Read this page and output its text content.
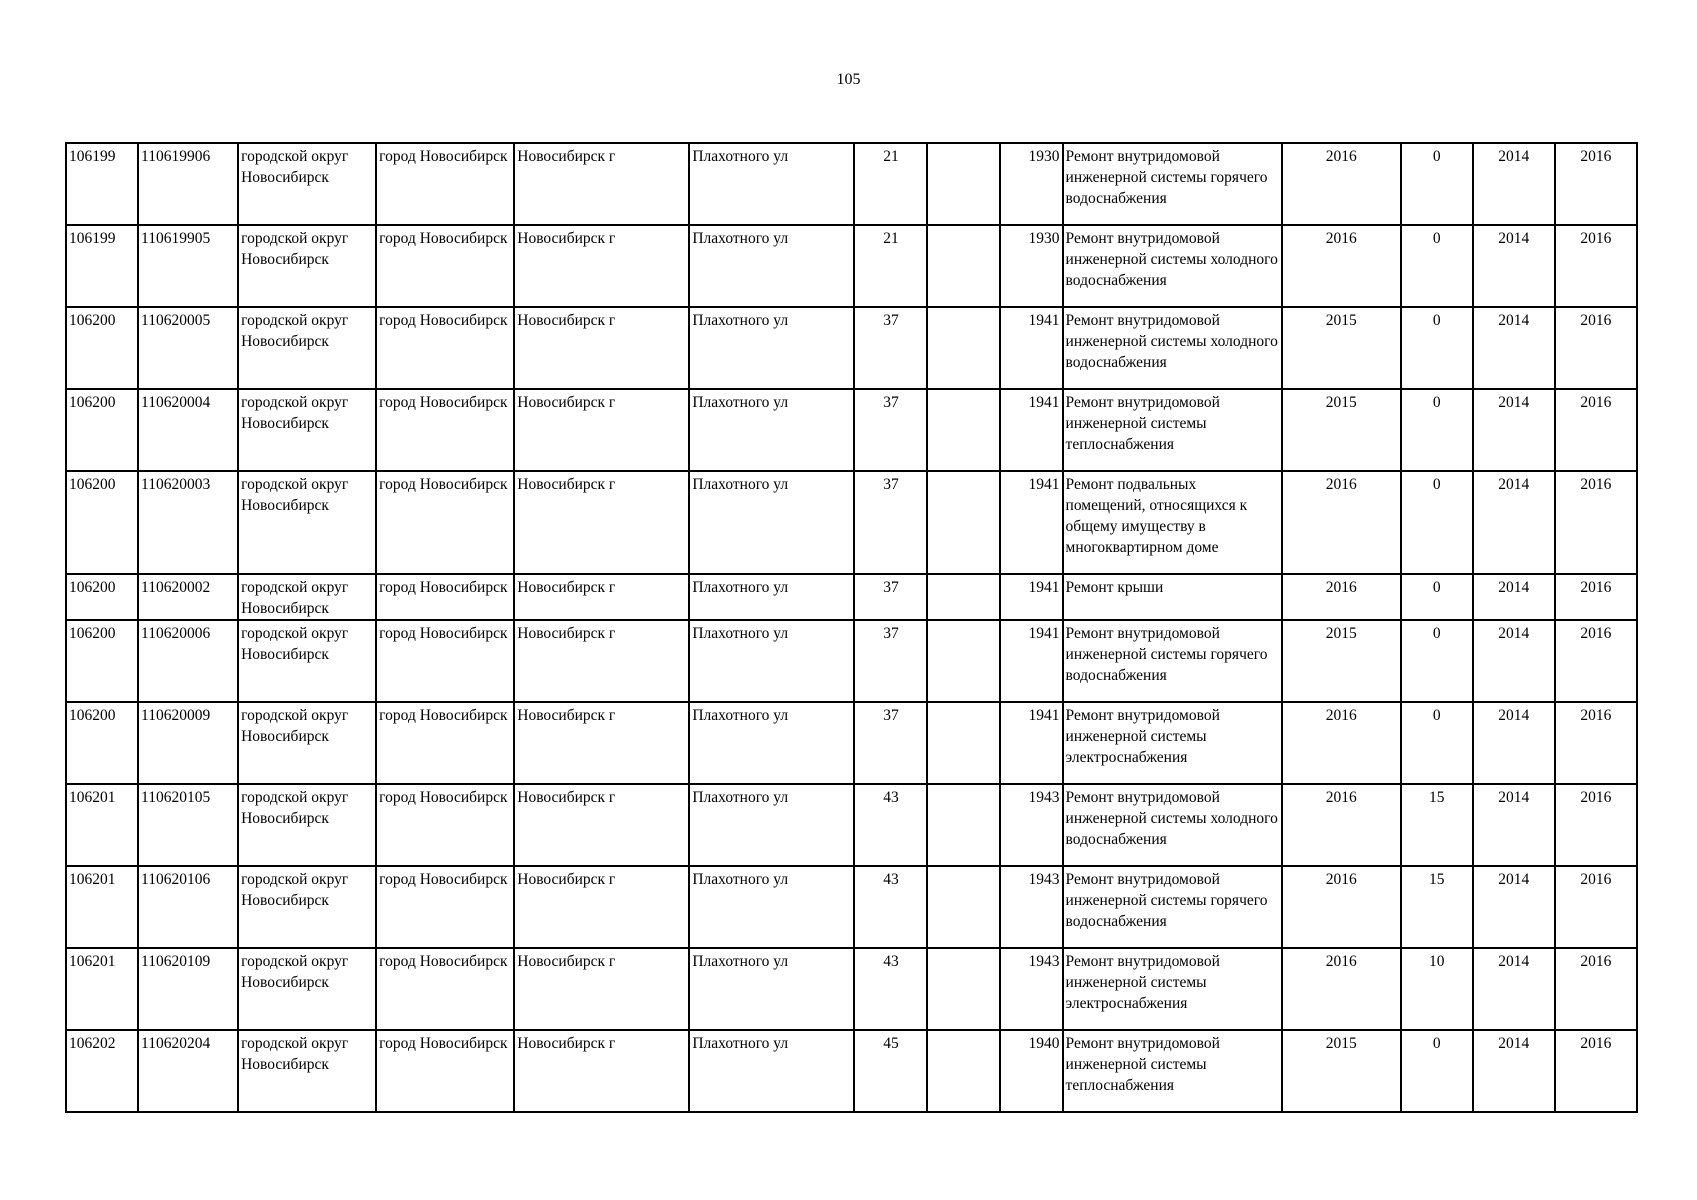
105
106199	110619906	городской округ Новосибирск	город Новосибирск	Новосибирск г	Плахотного ул	21		1930	Ремонт внутридомовой инженерной системы горячего водоснабжения	2016	0	2014	2016
106199	110619905	городской округ Новосибирск	город Новосибирск	Новосибирск г	Плахотного ул	21		1930	Ремонт внутридомовой инженерной системы холодного водоснабжения	2016	0	2014	2016
106200	110620005	городской округ Новосибирск	город Новосибирск	Новосибирск г	Плахотного ул	37		1941	Ремонт внутридомовой инженерной системы холодного водоснабжения	2015	0	2014	2016
106200	110620004	городской округ Новосибирск	город Новосибирск	Новосибирск г	Плахотного ул	37		1941	Ремонт внутридомовой инженерной системы теплоснабжения	2015	0	2014	2016
106200	110620003	городской округ Новосибирск	город Новосибирск	Новосибирск г	Плахотного ул	37		1941	Ремонт подвальных помещений, относящихся к общему имуществу в многоквартирном доме	2016	0	2014	2016
106200	110620002	городской округ Новосибирск	город Новосибирск	Новосибирск г	Плахотного ул	37		1941	Ремонт крыши	2016	0	2014	2016
106200	110620006	городской округ Новосибирск	город Новосибирск	Новосибирск г	Плахотного ул	37		1941	Ремонт внутридомовой инженерной системы горячего водоснабжения	2015	0	2014	2016
106200	110620009	городской округ Новосибирск	город Новосибирск	Новосибирск г	Плахотного ул	37		1941	Ремонт внутридомовой инженерной системы электроснабжения	2016	0	2014	2016
106201	110620105	городской округ Новосибирск	город Новосибирск	Новосибирск г	Плахотного ул	43		1943	Ремонт внутридомовой инженерной системы холодного водоснабжения	2016	15	2014	2016
106201	110620106	городской округ Новосибирск	город Новосибирск	Новосибирск г	Плахотного ул	43		1943	Ремонт внутридомовой инженерной системы горячего водоснабжения	2016	15	2014	2016
106201	110620109	городской округ Новосибирск	город Новосибирск	Новосибирск г	Плахотного ул	43		1943	Ремонт внутридомовой инженерной системы электроснабжения	2016	10	2014	2016
106202	110620204	городской округ Новосибирск	город Новосибирск	Новосибирск г	Плахотного ул	45		1940	Ремонт внутридомовой инженерной системы теплоснабжения	2015	0	2014	2016
